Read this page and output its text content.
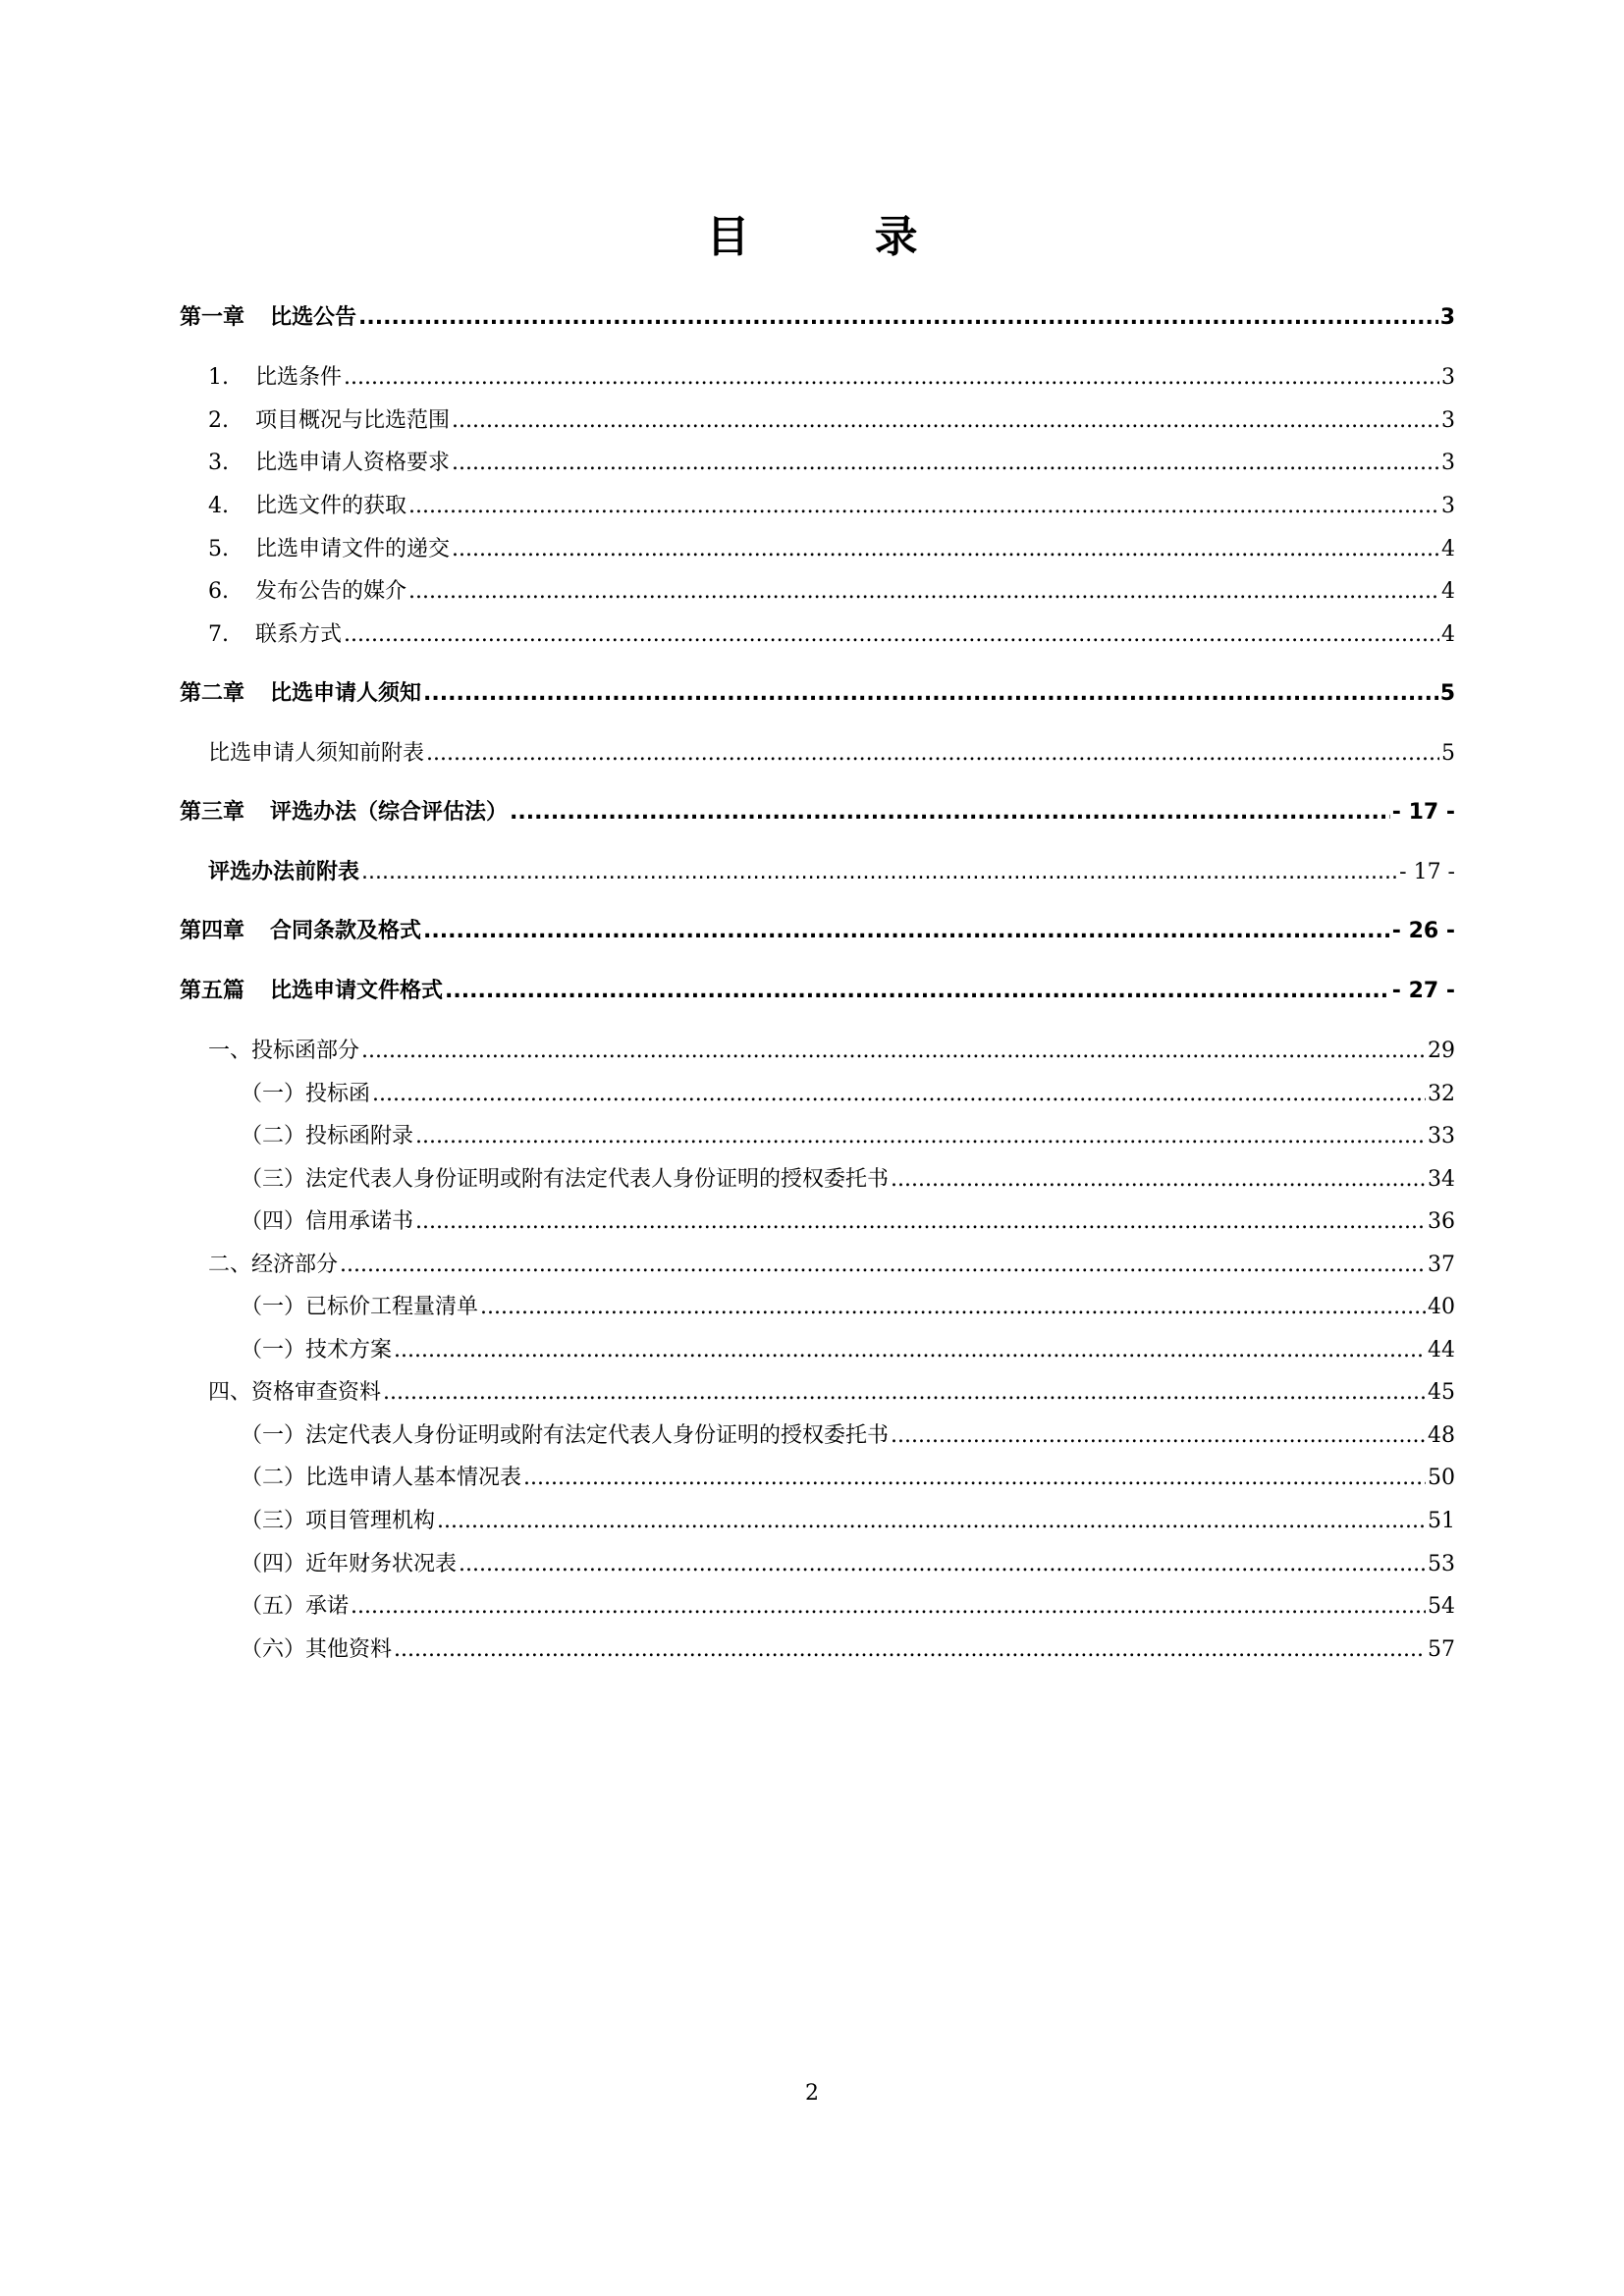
目 录
第一章 比选公告 .....	3
1. 比选条件 .....	3
2. 项目概况与比选范围 .....	3
3. 比选申请人资格要求 .....	3
4. 比选文件的获取 .....	3
5. 比选申请文件的递交 .....	4
6. 发布公告的媒介 .....	4
7. 联系方式 .....	4
第二章 比选申请人须知 .....	5
比选申请人须知前附表 .....	5
第三章 评选办法（综合评估法） .....	- 17 -
评选办法前附表 .....	- 17 -
第四章 合同条款及格式 .....	- 26 -
第五篇 比选申请文件格式 .....	- 27 -
一、投标函部分 .....	29
（一）投标函 .....	32
（二）投标函附录 .....	33
（三）法定代表人身份证明或附有法定代表人身份证明的授权委托书 .....	34
（四）信用承诺书 .....	36
二、经济部分 .....	37
（一）已标价工程量清单 .....	40
（一）技术方案 .....	44
四、资格审查资料 .....	45
（一）法定代表人身份证明或附有法定代表人身份证明的授权委托书 .....	48
（二）比选申请人基本情况表 .....	50
（三）项目管理机构 .....	51
（四）近年财务状况表 .....	53
（五）承诺 .....	54
（六）其他资料 .....	57
2
